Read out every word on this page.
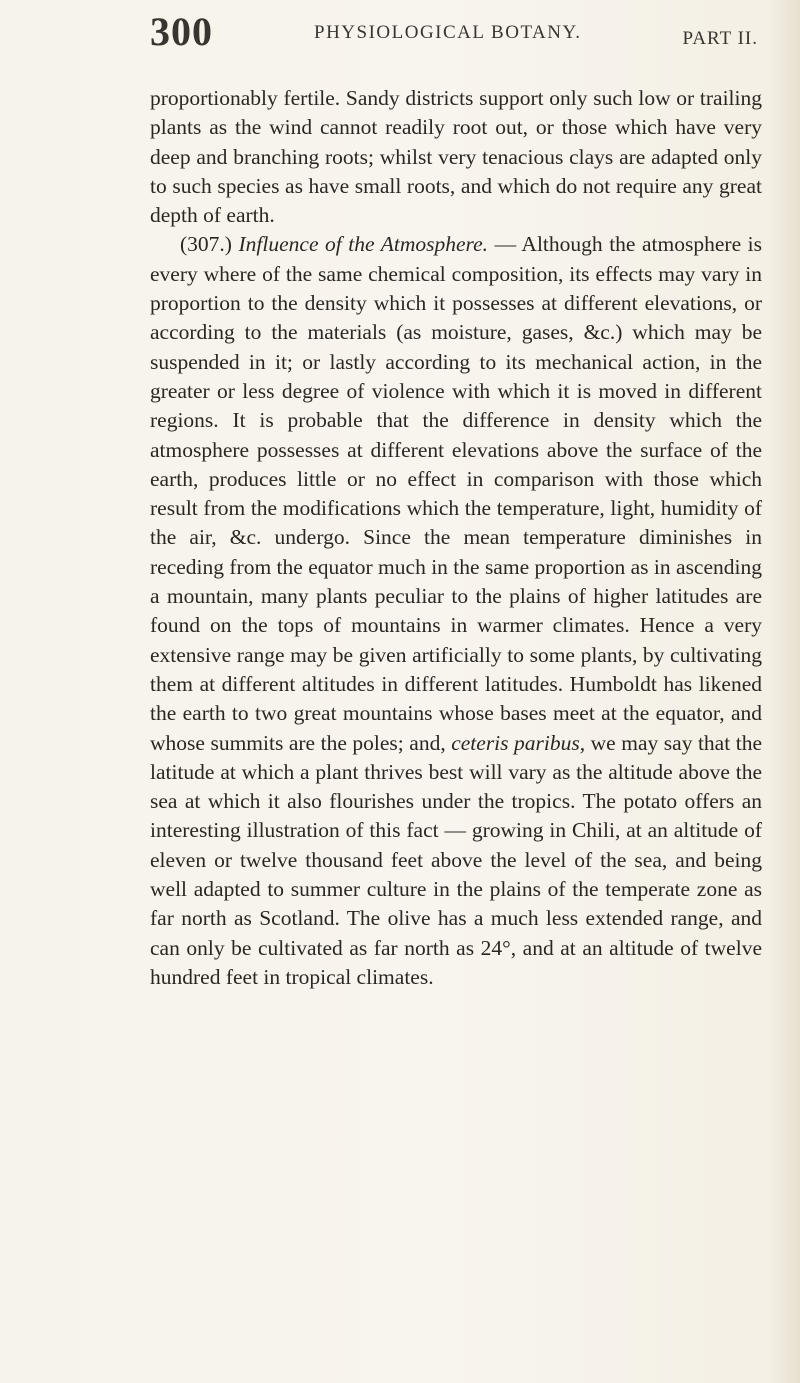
300	PHYSIOLOGICAL BOTANY.	PART II.

proportionably fertile. Sandy districts support only such low or trailing plants as the wind cannot readily root out, or those which have very deep and branching roots; whilst very tenacious clays are adapted only to such species as have small roots, and which do not require any great depth of earth.

(307.) Influence of the Atmosphere. — Although the atmosphere is every where of the same chemical composition, its effects may vary in proportion to the density which it possesses at different elevations, or according to the materials (as moisture, gases, &c.) which may be suspended in it; or lastly according to its mechanical action, in the greater or less degree of violence with which it is moved in different regions. It is probable that the difference in density which the atmosphere possesses at different elevations above the surface of the earth, produces little or no effect in comparison with those which result from the modifications which the temperature, light, humidity of the air, &c. undergo. Since the mean temperature diminishes in receding from the equator much in the same proportion as in ascending a mountain, many plants peculiar to the plains of higher latitudes are found on the tops of mountains in warmer climates. Hence a very extensive range may be given artificially to some plants, by cultivating them at different altitudes in different latitudes. Humboldt has likened the earth to two great mountains whose bases meet at the equator, and whose summits are the poles; and, ceteris paribus, we may say that the latitude at which a plant thrives best will vary as the altitude above the sea at which it also flourishes under the tropics. The potato offers an interesting illustration of this fact — growing in Chili, at an altitude of eleven or twelve thousand feet above the level of the sea, and being well adapted to summer culture in the plains of the temperate zone as far north as Scotland. The olive has a much less extended range, and can only be cultivated as far north as 24°, and at an altitude of twelve hundred feet in tropical climates.
